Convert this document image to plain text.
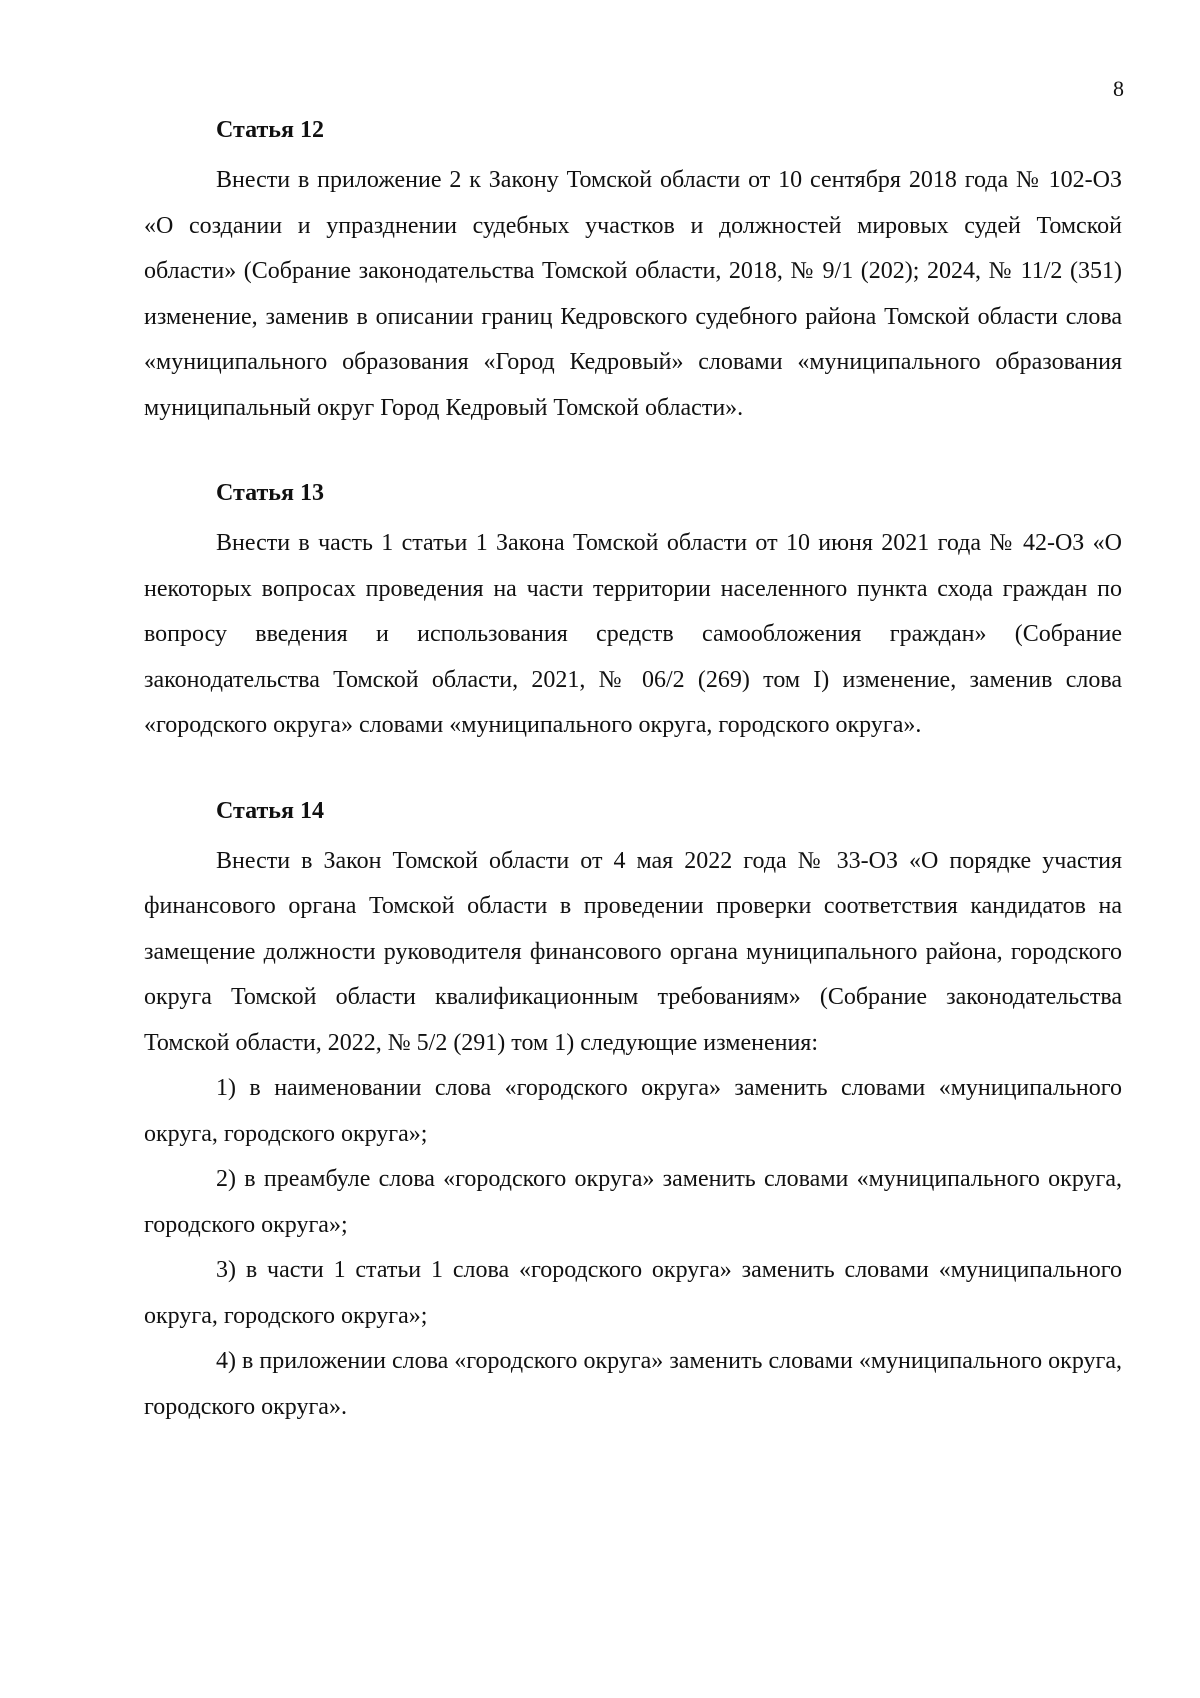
8
Статья 12

Внести в приложение 2 к Закону Томской области от 10 сентября 2018 года № 102-ОЗ «О создании и упразднении судебных участков и должностей мировых судей Томской области» (Собрание законодательства Томской области, 2018, № 9/1 (202); 2024, № 11/2 (351) изменение, заменив в описании границ Кедровского судебного района Томской области слова «муниципального образования «Город Кедровый» словами «муниципального образования муниципальный округ Город Кедровый Томской области».

Статья 13

Внести в часть 1 статьи 1 Закона Томской области от 10 июня 2021 года № 42-ОЗ «О некоторых вопросах проведения на части территории населенного пункта схода граждан по вопросу введения и использования средств самообложения граждан» (Собрание законодательства Томской области, 2021, № 06/2 (269) том I) изменение, заменив слова «городского округа» словами «муниципального округа, городского округа».

Статья 14

Внести в Закон Томской области от 4 мая 2022 года № 33-ОЗ «О порядке участия финансового органа Томской области в проведении проверки соответствия кандидатов на замещение должности руководителя финансового органа муниципального района, городского округа Томской области квалификационным требованиям» (Собрание законодательства Томской области, 2022, № 5/2 (291) том 1) следующие изменения:

1) в наименовании слова «городского округа» заменить словами «муниципального округа, городского округа»;

2) в преамбуле слова «городского округа» заменить словами «муниципального округа, городского округа»;

3) в части 1 статьи 1 слова «городского округа» заменить словами «муниципального округа, городского округа»;

4) в приложении слова «городского округа» заменить словами «муниципального округа, городского округа».
